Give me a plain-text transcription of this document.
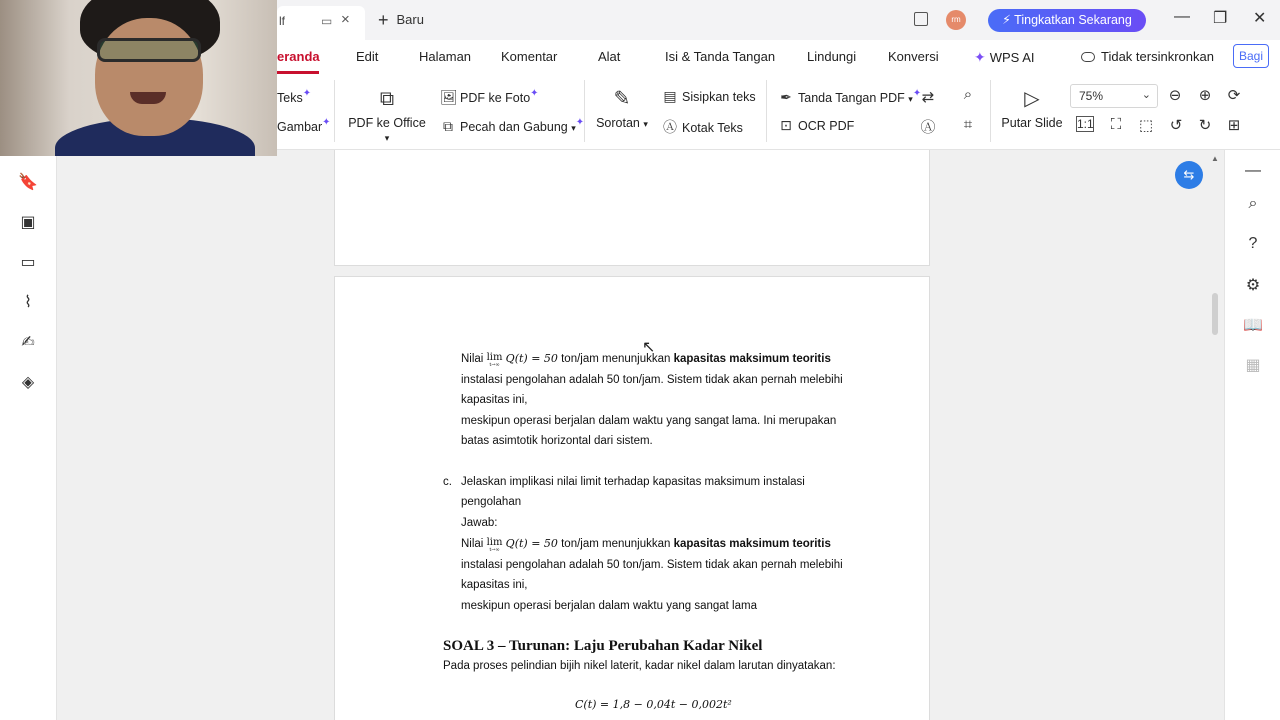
lf	▭ × + Baru	rm	⚡ Tingkatkan Sekarang	— ❐ ✕
eranda	Edit	Halaman Komentar	Alat	Isi & Tanda Tangan Lindungi Konversi	✦ WPS AI	Tidak tersinkronkan	Bagi
Teks✦
Gambar✦
⧉
PDF ke Office ▾
🖼 PDF ke Foto✦
⧉ Pecah dan Gabung ▾✦
✎
Sorotan ▾
▤ Sisipkan teks
Ⓐ Kotak Teks
✒ Tanda Tangan PDF ▾✦
⊡ OCR PDF
⇄	⌕
Ⓐ	⌗
▷
Putar Slide
75%	⌄ ⊖ ⊕ ⟳
1:1	⛶	⬚ ↺ ↻ ⊞
🔖
▣
▭
⌇
✍
◈
—
⌕
?
⚙
📖
▦
▲
⇆
Nilai lim
t→∞ Q(t) = 50 ton/jam menunjukkan kapasitas maksimum teoritis
instalasi pengolahan adalah 50 ton/jam. Sistem tidak akan pernah melebihi
kapasitas ini,
meskipun operasi berjalan dalam waktu yang sangat lama. Ini merupakan
batas asimtotik horizontal dari sistem.
c. Jelaskan implikasi nilai limit terhadap kapasitas maksimum instalasi
pengolahan
Jawab:
Nilai lim
t→∞ Q(t) = 50 ton/jam menunjukkan kapasitas maksimum teoritis
instalasi pengolahan adalah 50 ton/jam. Sistem tidak akan pernah melebihi
kapasitas ini,
meskipun operasi berjalan dalam waktu yang sangat lama
SOAL 3 – Turunan: Laju Perubahan Kadar Nikel
Pada proses pelindian bijih nikel laterit, kadar nikel dalam larutan dinyatakan:
C(t) = 1,8 − 0,04t − 0,002t²
↖
